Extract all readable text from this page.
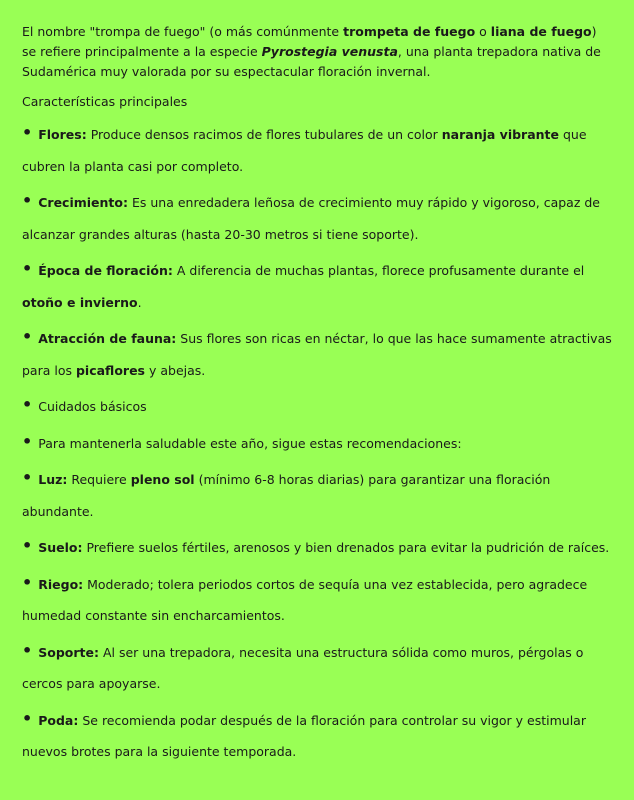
El nombre "trompa de fuego" (o más comúnmente trompeta de fuego o liana de fuego) se refiere principalmente a la especie Pyrostegia venusta, una planta trepadora nativa de Sudamérica muy valorada por su espectacular floración invernal.

Características principales

• Flores: Produce densos racimos de flores tubulares de un color naranja vibrante que cubren la planta casi por completo.

• Crecimiento: Es una enredadera leñosa de crecimiento muy rápido y vigoroso, capaz de alcanzar grandes alturas (hasta 20-30 metros si tiene soporte).

• Época de floración: A diferencia de muchas plantas, florece profusamente durante el otoño e invierno.

• Atracción de fauna: Sus flores son ricas en néctar, lo que las hace sumamente atractivas para los picaflores y abejas.

• Cuidados básicos

• Para mantenerla saludable este año, sigue estas recomendaciones:

• Luz: Requiere pleno sol (mínimo 6-8 horas diarias) para garantizar una floración abundante.

• Suelo: Prefiere suelos fértiles, arenosos y bien drenados para evitar la pudrición de raíces.

• Riego: Moderado; tolera periodos cortos de sequía una vez establecida, pero agradece humedad constante sin encharcamientos.

• Soporte: Al ser una trepadora, necesita una estructura sólida como muros, pérgolas o cercos para apoyarse.

• Poda: Se recomienda podar después de la floración para controlar su vigor y estimular nuevos brotes para la siguiente temporada.
